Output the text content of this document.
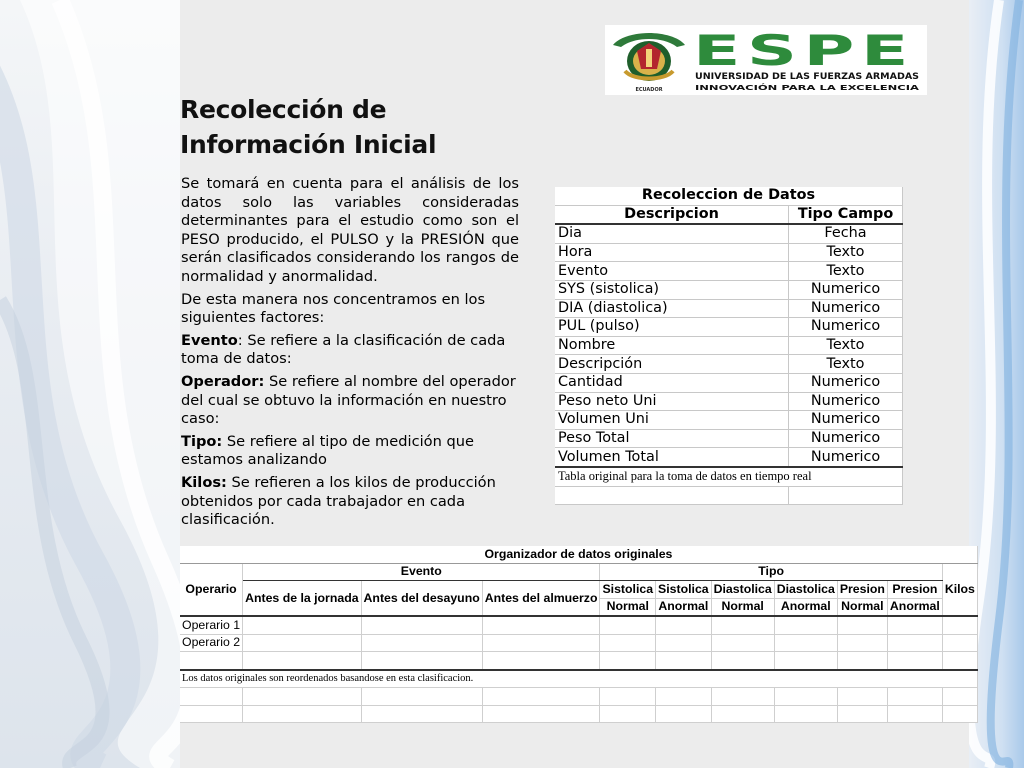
ECUADOR
ESPE
UNIVERSIDAD DE LAS FUERZAS ARMADAS
INNOVACIÓN PARA LA EXCELENCIA
Recolección de
Información Inicial

Se tomará en cuenta para el análisis de los datos solo las variables consideradas determinantes para el estudio como son el PESO producido, el PULSO y la PRESIÓN que serán clasificados considerando los rangos de normalidad y anormalidad.

De esta manera nos concentramos en los siguientes factores:

Evento: Se refiere a la clasificación de cada toma de datos:

Operador: Se refiere al nombre del operador del cual se obtuvo la información en nuestro caso:

Tipo: Se refiere al tipo de medición que estamos analizando

Kilos: Se refieren a los kilos de producción obtenidos por cada trabajador en cada clasificación.

Recoleccion de Datos	
Descripcion	Tipo Campo
Dia	Fecha
Hora	Texto
Evento	Texto
SYS (sistolica)	Numerico
DIA (diastolica)	Numerico
PUL (pulso)	Numerico
Nombre	Texto
Descripción	Texto
Cantidad	Numerico
Peso neto Uni	Numerico
Volumen Uni	Numerico
Peso Total	Numerico
Volumen Total	Numerico
Tabla original para la toma de datos en tiempo real	

Organizador de datos originales										
Operario	Evento			Tipo						Kilos
	Antes de la jornada	Antes del desayuno	Antes del almuerzo	Sistolica	Sistolica	Diastolica	Diastolica	Presion	Presion	
				Normal	Anormal	Normal	Anormal	Normal	Anormal	
Operario 1										
Operario 2										

Los datos originales son reordenados basandose en esta clasificacion.										
